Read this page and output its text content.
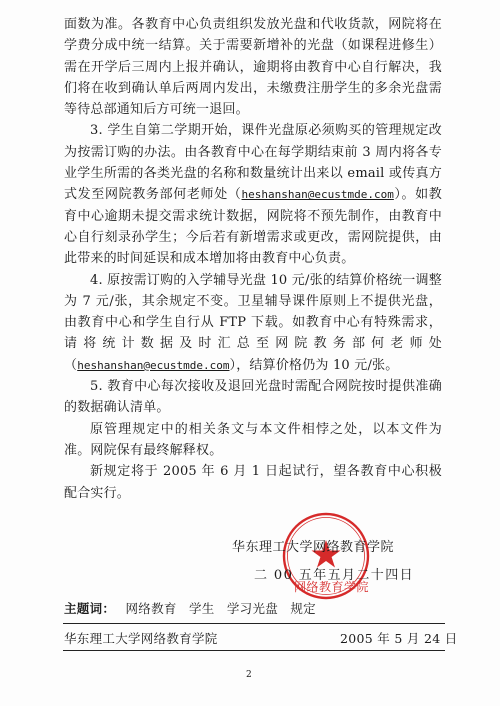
面数为准。各教育中心负责组织发放光盘和代收货款，网院将在学费分成中统一结算。关于需要新增补的光盘（如课程进修生）需在开学后三周内上报并确认，逾期将由教育中心自行解决，我们将在收到确认单后两周内发出，未缴费注册学生的多余光盘需等待总部通知后方可统一退回。

3. 学生自第二学期开始，课件光盘原必须购买的管理规定改为按需订购的办法。由各教育中心在每学期结束前 3 周内将各专业学生所需的各类光盘的名称和数量统计出来以 email 或传真方式发至网院教务部何老师处（heshanshan@ecustmde.com）。如教育中心逾期未提交需求统计数据，网院将不预先制作，由教育中心自行刻录孙学生；今后若有新增需求或更改，需网院提供，由此带来的时间延误和成本增加将由教育中心负责。

4. 原按需订购的入学辅导光盘 10 元/张的结算价格统一调整为 7 元/张，其余规定不变。卫星辅导课件原则上不提供光盘，由教育中心和学生自行从 FTP 下载。如教育中心有特殊需求，请将统计数据及时汇总至网院教务部何老师处（heshanshan@ecustmde.com），结算价格仍为 10 元/张。

5. 教育中心每次接收及退回光盘时需配合网院按时提供准确的数据确认清单。

原管理规定中的相关条文与本文件相悖之处，以本文件为准。网院保有最终解释权。

新规定将于 2005 年 6 月 1 日起试行，望各教育中心积极配合实行。

华东理工大学网络教育学院
二 00 五年五月二十四日
网络教育学院
主题词： 网络教育 学生 学习光盘 规定
华东理工大学网络教育学院	2005 年 5 月 24 日
2
